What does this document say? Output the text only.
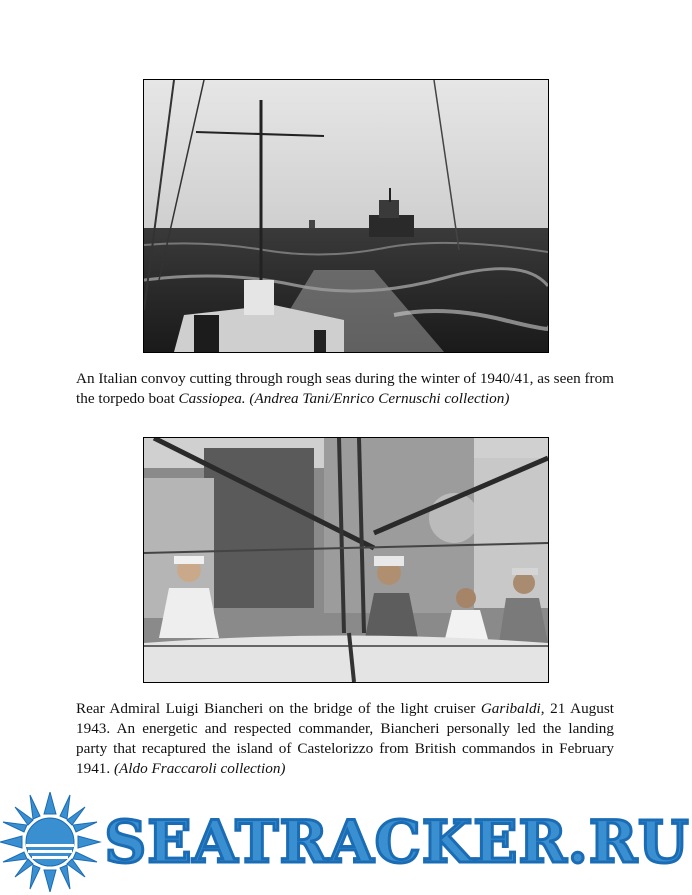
An Italian convoy cutting through rough seas during the winter of 1940/41, as seen from the torpedo boat Cassiopea. (Andrea Tani/Enrico Cernuschi collection)

Rear Admiral Luigi Biancheri on the bridge of the light cruiser Garibaldi, 21 August 1943. An energetic and respected commander, Biancheri personally led the landing party that recaptured the island of Castelorizzo from British commandos in February 1941. (Aldo Fraccaroli collection)

SEATRACKER.RU
